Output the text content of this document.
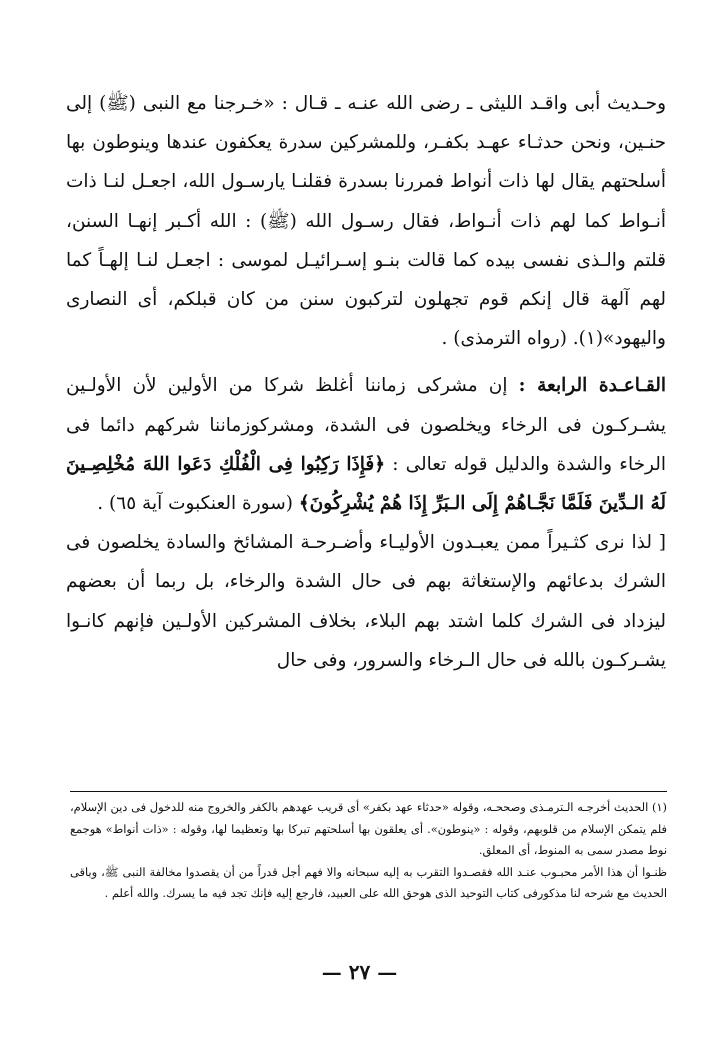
وحـديث أبى واقـد الليثى ـ رضى الله عنـه ـ قـال : «خـرجنا مع النبى (ﷺ) إلى حنـين، ونحن حدثـاء عهـد بكفـر، وللمشركين سدرة يعكفون عندها وينوطون بها أسلحتهم يقال لها ذات أنواط فمررنا بسدرة فقلنـا يارسـول الله، اجعـل لنـا ذات أنـواط كما لهم ذات أنـواط، فقال رسـول الله (ﷺ) : الله أكـبر إنهـا السنن، قلتم والـذى نفسى بيده كما قالت بنـو إسـرائيـل لموسى : اجعـل لنـا إلهـاً كما لهم آلهة قال إنكم قوم تجهلون لتركبون سنن من كان قبلكم، أى النصارى واليهود»(١). (رواه الترمذى) .

القـاعـدة الرابعة : إن مشركى زماننا أغلظ شركا من الأولين لأن الأولـين يشـركـون فى الرخاء ويخلصون فى الشدة، ومشركوزماننا شركهم دائما فى الرخاء والشدة والدليل قوله تعالى : ﴿فَإِذَا رَكِبُوا فِى الْفُلْكِ دَعَوا اللهَ مُخْلِصِـينَ لَهُ الـدِّينَ فَلَمَّا نَجَّـاهُمْ إِلَى الـبَرِّ إِذَا هُمْ يُشْرِكُونَ﴾ (سورة العنكبوت آية ٦٥) .

[ لذا نرى كثـيراً ممن يعبـدون الأوليـاء وأضـرحـة المشائخ والسادة يخلصون فى الشرك بدعائهم والإستغاثة بهم فى حال الشدة والرخاء، بل ربما أن بعضهم ليزداد فى الشرك كلما اشتد بهم البلاء، بخلاف المشركين الأولـين فإنهم كانـوا يشـركـون بالله فى حال الـرخاء والسرور، وفى حال

(١) الحديث أخرجـه الـترمـذى وصححـه، وقوله «حدثاء عهد بكفر» أى قريب عهدهم بالكفر والخروج منه للدخول فى دين الإسلام، فلم يتمكن الإسلام من قلوبهم، وقوله : «ينوطون». أى يعلقون بها أسلحتهم تبركا بها وتعظيما لها، وقوله : «ذات أنواط» هوجمع نوط مصدر سمى به المنوط، أى المعلق.

ظنـوا أن هذا الأمر محبـوب عنـد الله فقصـدوا التقرب به إليه سبحانه والا فهم أجل قدراً من أن يقصدوا مخالفة النبى ﷺ، وباقى الحديث مع شرحه لنا مذكورفى كتاب التوحيد الذى هوحق الله على العبيد، فارجع إليه فإنك تجد فيه ما يسرك. والله أعلم .

— ٢٧ —
